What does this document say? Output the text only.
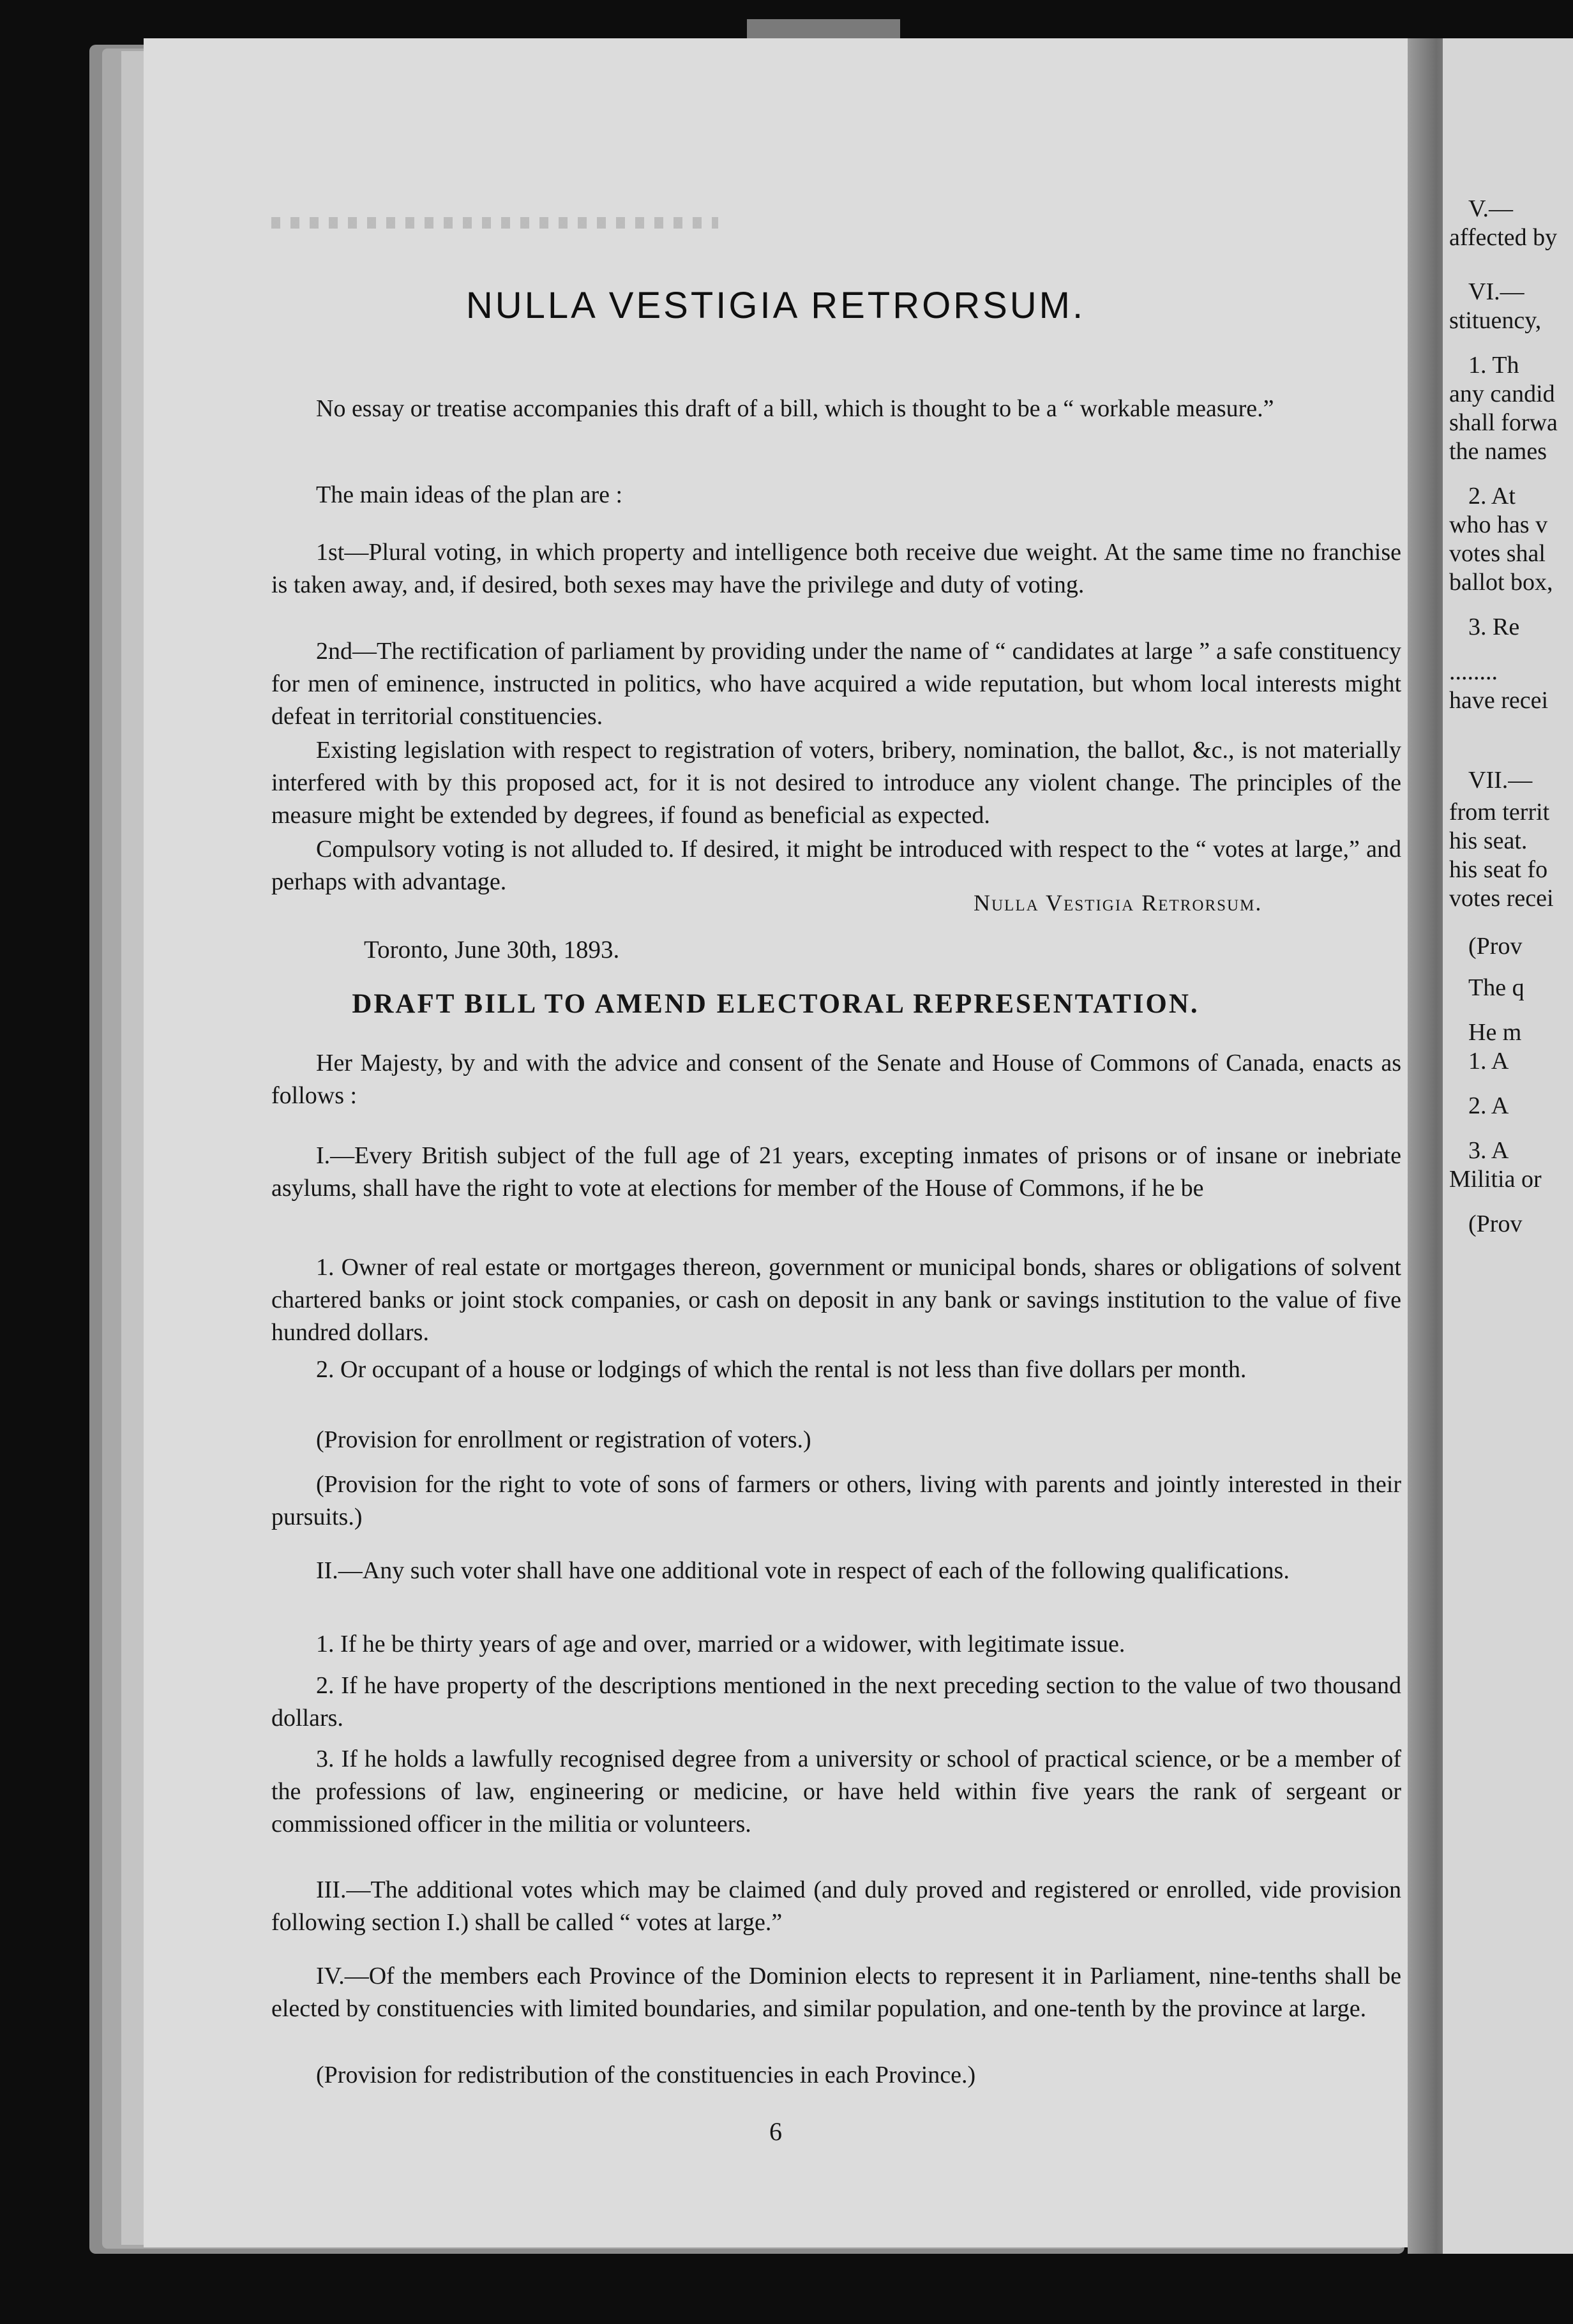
NULLA VESTIGIA RETRORSUM.

No essay or treatise accompanies this draft of a bill, which is thought to be a “ workable measure.”

The main ideas of the plan are :

1st—Plural voting, in which property and intelligence both receive due weight. At the same time no franchise is taken away, and, if desired, both sexes may have the privilege and duty of voting.

2nd—The rectification of parliament by providing under the name of “ candidates at large ” a safe constituency for men of eminence, instructed in politics, who have acquired a wide reputation, but whom local interests might defeat in territorial constituencies.

Existing legislation with respect to registration of voters, bribery, nomination, the ballot, &c., is not materially interfered with by this proposed act, for it is not desired to introduce any violent change. The principles of the measure might be extended by degrees, if found as beneficial as expected.

Compulsory voting is not alluded to. If desired, it might be introduced with respect to the “ votes at large,” and perhaps with advantage.

Nulla Vestigia Retrorsum.
Toronto, June 30th, 1893.
DRAFT BILL TO AMEND ELECTORAL REPRESENTATION.

Her Majesty, by and with the advice and consent of the Senate and House of Commons of Canada, enacts as follows :

I.—Every British subject of the full age of 21 years, excepting inmates of prisons or of insane or inebriate asylums, shall have the right to vote at elections for member of the House of Commons, if he be

1. Owner of real estate or mortgages thereon, government or municipal bonds, shares or obligations of solvent chartered banks or joint stock companies, or cash on deposit in any bank or savings institution to the value of five hundred dollars.

2. Or occupant of a house or lodgings of which the rental is not less than five dollars per month.

(Provision for enrollment or registration of voters.)

(Provision for the right to vote of sons of farmers or others, living with parents and jointly interested in their pursuits.)

II.—Any such voter shall have one additional vote in respect of each of the following qualifications.

1. If he be thirty years of age and over, married or a widower, with legitimate issue.

2. If he have property of the descriptions mentioned in the next preceding section to the value of two thousand dollars.

3. If he holds a lawfully recognised degree from a university or school of practical science, or be a member of the professions of law, engineering or medicine, or have held within five years the rank of sergeant or commissioned officer in the militia or volunteers.

III.—The additional votes which may be claimed (and duly proved and registered or enrolled, vide provision following section I.) shall be called “ votes at large.”

IV.—Of the members each Province of the Dominion elects to represent it in Parliament, nine-tenths shall be elected by constituencies with limited boundaries, and similar population, and one-tenth by the province at large.

(Provision for redistribution of the constituencies in each Province.)

6
V.—
affected by
VI.—
stituency,
1. Th
any candid
shall forwa
the names
2. At
who has v
votes shal
ballot box,
3. Re
........
have recei
VII.—
from territ
his seat.
his seat fo
votes recei
(Prov
The q
He m
1. A
2. A
3. A
Militia or
(Prov
